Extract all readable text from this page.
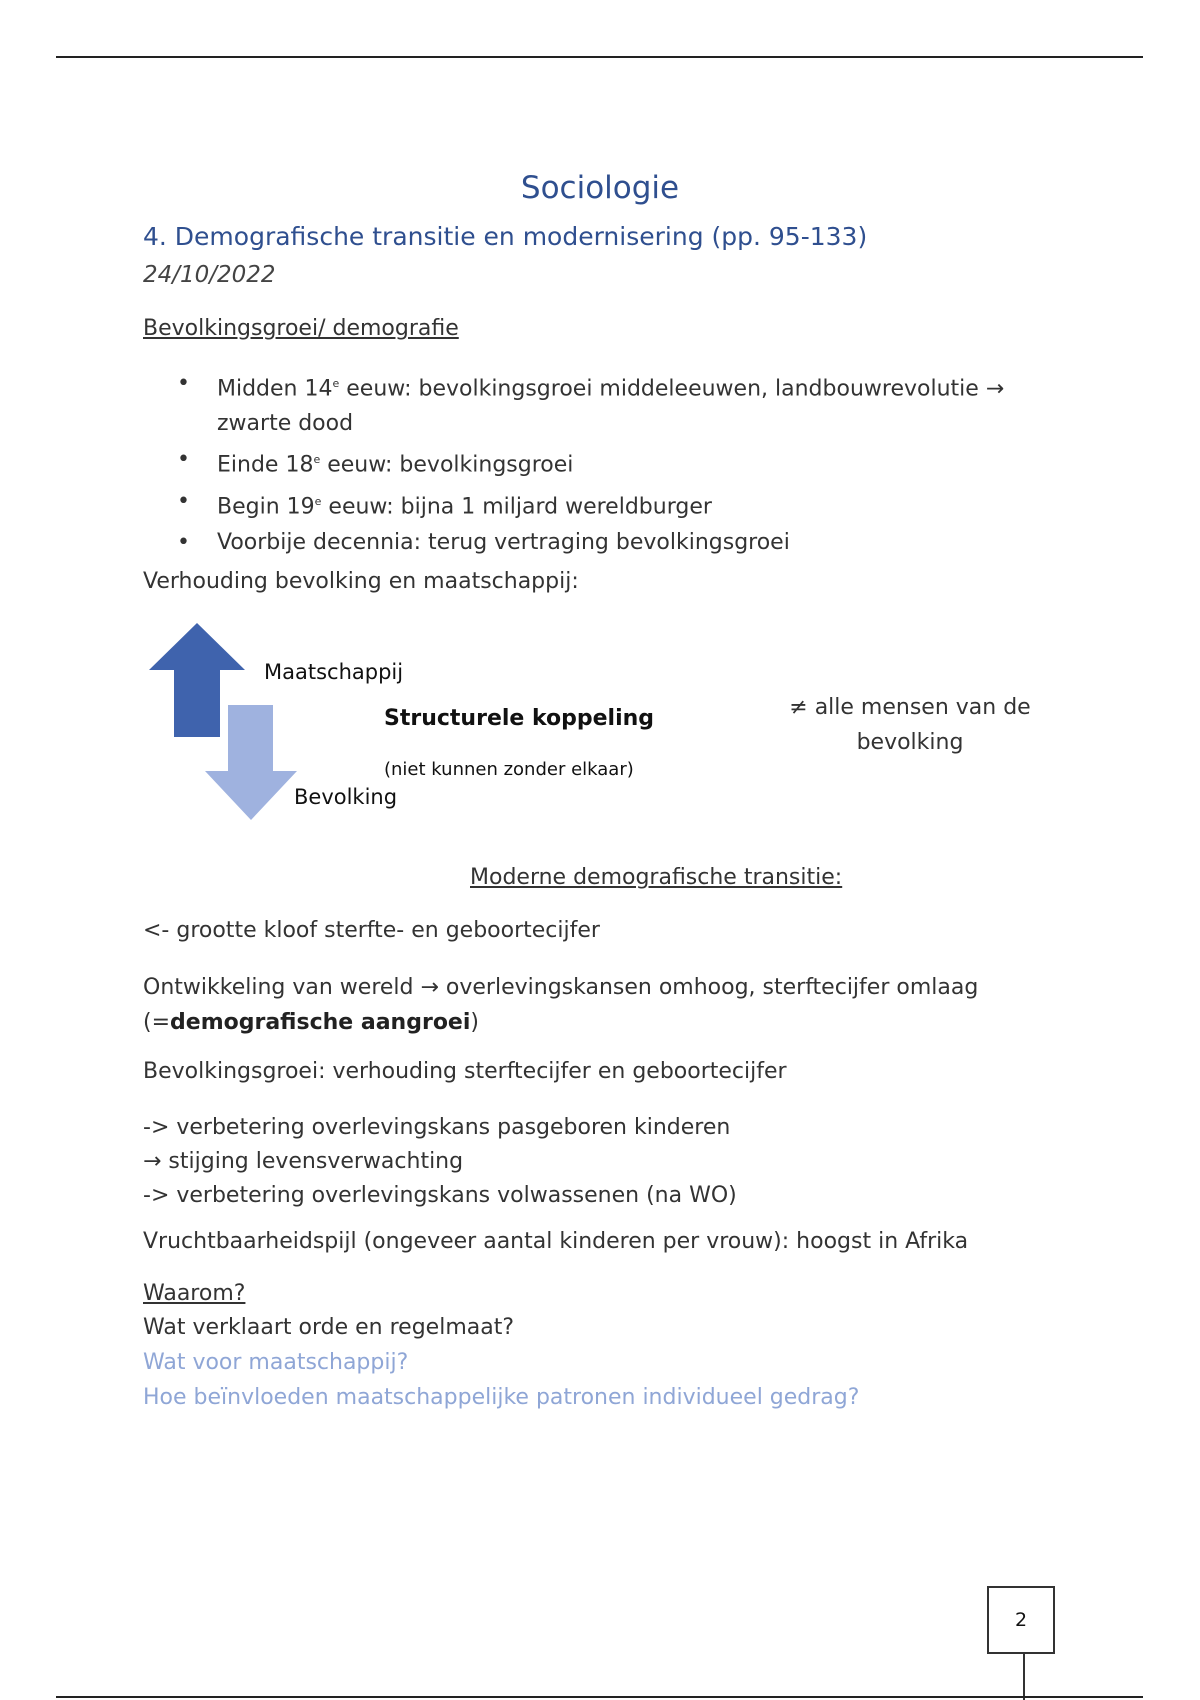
Sociologie
4. Demografische transitie en modernisering (pp. 95-133)
24/10/2022
Bevolkingsgroei/ demografie
• Midden 14e eeuw: bevolkingsgroei middeleeuwen, landbouwrevolutie →
zwarte dood
• Einde 18e eeuw: bevolkingsgroei
• Begin 19e eeuw: bijna 1 miljard wereldburger
• Voorbije decennia: terug vertraging bevolkingsgroei
Verhouding bevolking en maatschappij:
Maatschappij
Bevolking
Structurele koppeling
(niet kunnen zonder elkaar)
≠ alle mensen van de
bevolking
Moderne demografische transitie:
<- grootte kloof sterfte- en geboortecijfer
Ontwikkeling van wereld → overlevingskansen omhoog, sterftecijfer omlaag
(=demografische aangroei)
Bevolkingsgroei: verhouding sterftecijfer en geboortecijfer
-> verbetering overlevingskans pasgeboren kinderen
→ stijging levensverwachting
-> verbetering overlevingskans volwassenen (na WO)
Vruchtbaarheidspijl (ongeveer aantal kinderen per vrouw): hoogst in Afrika
Waarom?
Wat verklaart orde en regelmaat?
Wat voor maatschappij?
Hoe beïnvloeden maatschappelijke patronen individueel gedrag?
2
